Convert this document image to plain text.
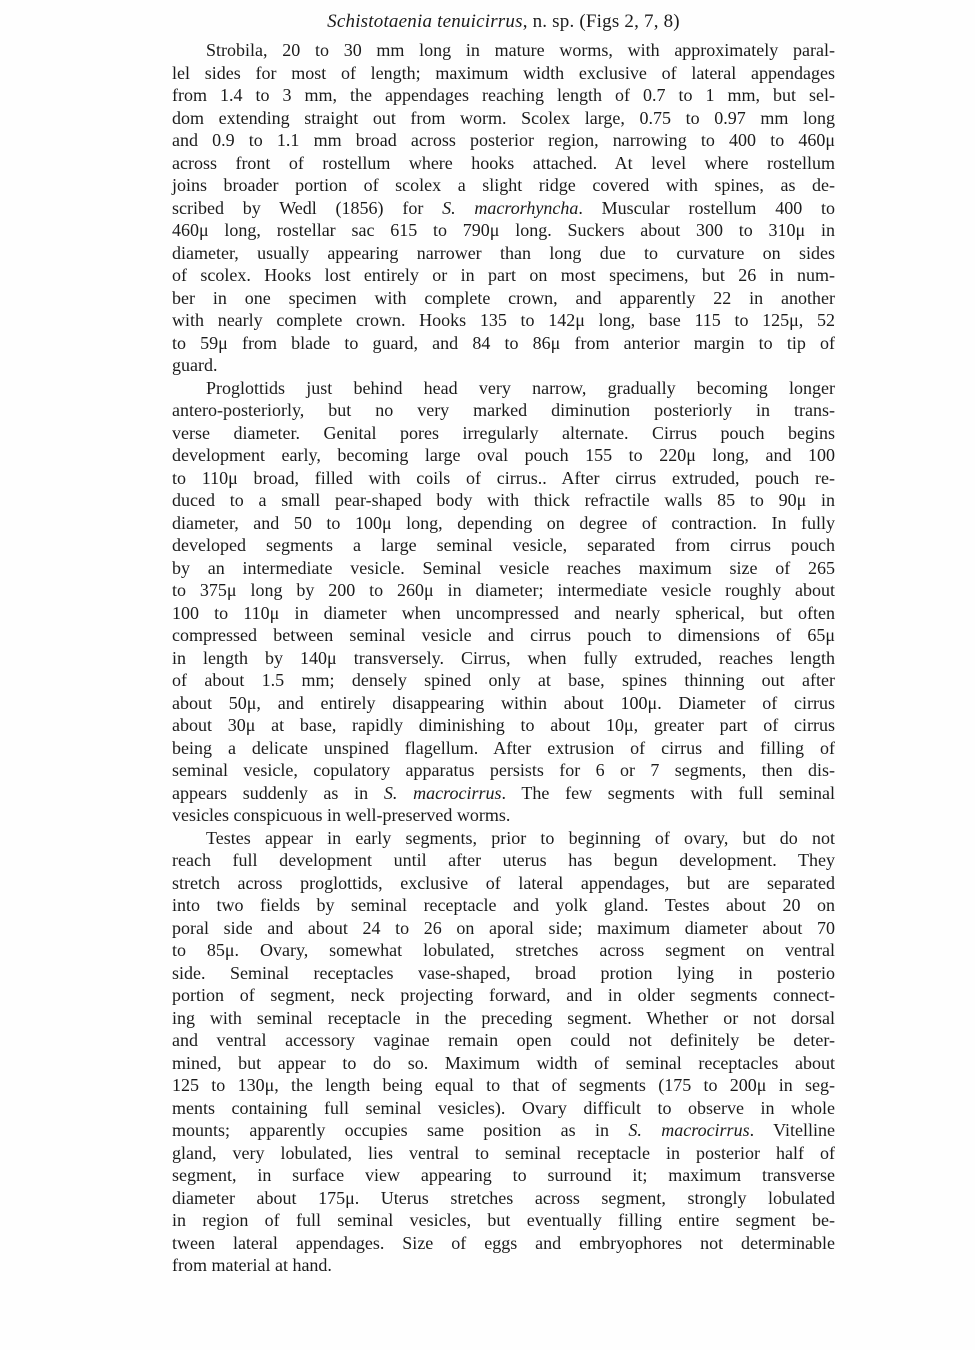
Schistotaenia tenuicirrus, n. sp. (Figs 2, 7, 8)
Strobila, 20 to 30 mm long in mature worms, with approximately paral-
lel sides for most of length; maximum width exclusive of lateral appendages
from 1.4 to 3 mm, the appendages reaching length of 0.7 to 1 mm, but sel-
dom extending straight out from worm. Scolex large, 0.75 to 0.97 mm long
and 0.9 to 1.1 mm broad across posterior region, narrowing to 400 to 460μ
across front of rostellum where hooks attached. At level where rostellum
joins broader portion of scolex a slight ridge covered with spines, as de-
scribed by Wedl (1856) for S. macrorhyncha. Muscular rostellum 400 to
460μ long, rostellar sac 615 to 790μ long. Suckers about 300 to 310μ in
diameter, usually appearing narrower than long due to curvature on sides
of scolex. Hooks lost entirely or in part on most specimens, but 26 in num-
ber in one specimen with complete crown, and apparently 22 in another
with nearly complete crown. Hooks 135 to 142μ long, base 115 to 125μ, 52
to 59μ from blade to guard, and 84 to 86μ from anterior margin to tip of
guard.
Proglottids just behind head very narrow, gradually becoming longer
antero-posteriorly, but no very marked diminution posteriorly in trans-
verse diameter. Genital pores irregularly alternate. Cirrus pouch begins
development early, becoming large oval pouch 155 to 220μ long, and 100
to 110μ broad, filled with coils of cirrus.. After cirrus extruded, pouch re-
duced to a small pear-shaped body with thick refractile walls 85 to 90μ in
diameter, and 50 to 100μ long, depending on degree of contraction. In fully
developed segments a large seminal vesicle, separated from cirrus pouch
by an intermediate vesicle. Seminal vesicle reaches maximum size of 265
to 375μ long by 200 to 260μ in diameter; intermediate vesicle roughly about
100 to 110μ in diameter when uncompressed and nearly spherical, but often
compressed between seminal vesicle and cirrus pouch to dimensions of 65μ
in length by 140μ transversely. Cirrus, when fully extruded, reaches length
of about 1.5 mm; densely spined only at base, spines thinning out after
about 50μ, and entirely disappearing within about 100μ. Diameter of cirrus
about 30μ at base, rapidly diminishing to about 10μ, greater part of cirrus
being a delicate unspined flagellum. After extrusion of cirrus and filling of
seminal vesicle, copulatory apparatus persists for 6 or 7 segments, then dis-
appears suddenly as in S. macrocirrus. The few segments with full seminal
vesicles conspicuous in well-preserved worms.
Testes appear in early segments, prior to beginning of ovary, but do not
reach full development until after uterus has begun development. They
stretch across proglottids, exclusive of lateral appendages, but are separated
into two fields by seminal receptacle and yolk gland. Testes about 20 on
poral side and about 24 to 26 on aporal side; maximum diameter about 70
to 85μ. Ovary, somewhat lobulated, stretches across segment on ventral
side. Seminal receptacles vase-shaped, broad protion lying in posterio
portion of segment, neck projecting forward, and in older segments connect-
ing with seminal receptacle in the preceding segment. Whether or not dorsal
and ventral accessory vaginae remain open could not definitely be deter-
mined, but appear to do so. Maximum width of seminal receptacles about
125 to 130μ, the length being equal to that of segments (175 to 200μ in seg-
ments containing full seminal vesicles). Ovary difficult to observe in whole
mounts; apparently occupies same position as in S. macrocirrus. Vitelline
gland, very lobulated, lies ventral to seminal receptacle in posterior half of
segment, in surface view appearing to surround it; maximum transverse
diameter about 175μ. Uterus stretches across segment, strongly lobulated
in region of full seminal vesicles, but eventually filling entire segment be-
tween lateral appendages. Size of eggs and embryophores not determinable
from material at hand.
